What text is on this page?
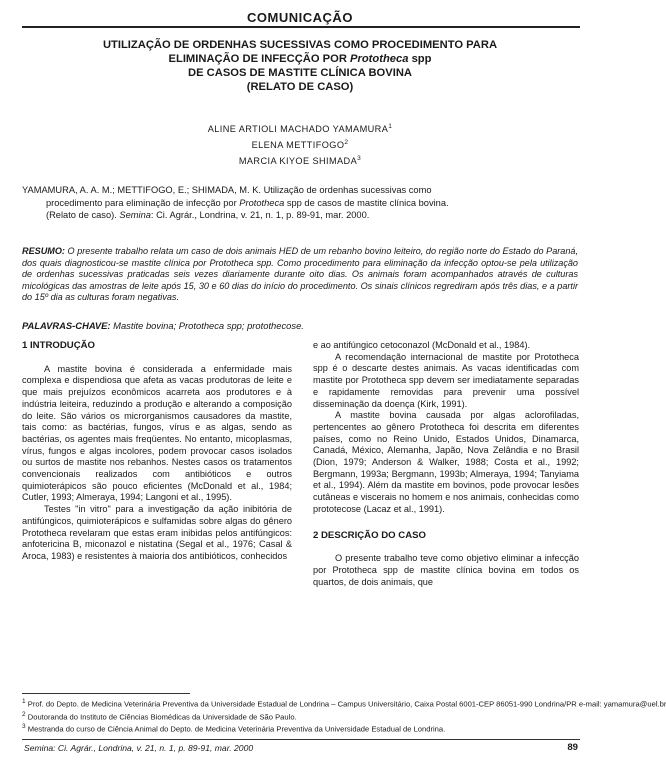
COMUNICAÇÃO
UTILIZAÇÃO DE ORDENHAS SUCESSIVAS COMO PROCEDIMENTO PARA
ELIMINAÇÃO DE INFECÇÃO POR Prototheca spp
DE CASOS DE MASTITE CLÍNICA BOVINA
(RELATO DE CASO)
ALINE ARTIOLI MACHADO YAMAMURA$^1$
ELENA METTIFOGO$^2$
MARCIA KIYOE SHIMADA$^3$
YAMAMURA, A. A. M.; METTIFOGO, E.; SHIMADA, M. K. Utilização de ordenhas sucessivas como
procedimento para eliminação de infecção por Prototheca spp de casos de mastite clínica bovina.
(Relato de caso). Semina: Ci. Agrár., Londrina, v. 21, n. 1, p. 89-91, mar. 2000.
RESUMO: O presente trabalho relata um caso de dois animais HED de um rebanho bovino leiteiro, do região norte do Estado do Paraná, dos quais diagnosticou-se mastite clínica por Prototheca spp. Como procedimento para eliminação da infecção optou-se pela utilização de ordenhas sucessivas praticadas seis vezes diariamente durante oito dias. Os animais foram acompanhados através de culturas micológicas das amostras de leite após 15, 30 e 60 dias do início do procedimento. Os sinais clínicos regrediram após três dias, e a partir do 15º dia as culturas foram negativas.
PALAVRAS-CHAVE: Mastite bovina; Prototheca spp; protothecose.

1 INTRODUÇÃO

A mastite bovina é considerada a enfermidade mais complexa e dispendiosa que afeta as vacas produtoras de leite e que mais prejuízos econômicos acarreta aos produtores e à indústria leiteira, reduzindo a produção e alterando a composição do leite. São vários os microrganismos causadores da mastite, tais como: as bactérias, fungos, vírus e as algas, sendo as bactérias, os agentes mais freqüentes. No entanto, micoplasmas, vírus, fungos e algas incolores, podem provocar casos isolados ou surtos de mastite nos rebanhos. Nestes casos os tratamentos convencionais realizados com antibióticos e outros quimioterápicos são pouco eficientes (McDonald et al., 1984; Cutler, 1993; Almeraya, 1994; Langoni et al., 1995).

Testes "in vitro" para a investigação da ação inibitória de antifúngicos, quimioterápicos e sulfamidas sobre algas do gênero Prototheca revelaram que estas eram inibidas pelos antifúngicos: anfotericina B, miconazol e nistatina (Segal et al., 1976; Casal & Aroca, 1983) e resistentes à maioria dos antibióticos, conhecidos

e ao antifúngico cetoconazol (McDonald et al., 1984).

A recomendação internacional de mastite por Prototheca spp é o descarte destes animais. As vacas identificadas com mastite por Prototheca spp devem ser imediatamente separadas e rapidamente removidas para prevenir uma possível disseminação da doença (Kirk, 1991).

A mastite bovina causada por algas aclorofiladas, pertencentes ao gênero Prototheca foi descrita em diferentes países, como no Reino Unido, Estados Unidos, Dinamarca, Canadá, México, Alemanha, Japão, Nova Zelândia e no Brasil (Dion, 1979; Anderson & Walker, 1988; Costa et al., 1992; Bergmann, 1993a; Bergmann, 1993b; Almeraya, 1994; Tanyiama et al., 1994). Além da mastite em bovinos, pode provocar lesões cutâneas e viscerais no homem e nos animais, conhecidas como prototecose (Lacaz et al., 1991).

2 DESCRIÇÃO DO CASO

O presente trabalho teve como objetivo eliminar a infecção por Prototheca spp de mastite clínica bovina em todos os quartos, de dois animais, que

$^1$ Prof. do Depto. de Medicina Veterinária Preventiva da Universidade Estadual de Londrina – Campus Universitário, Caixa Postal 6001-CEP 86051-990 Londrina/PR e-mail: yamamura@uel.br
$^2$ Doutoranda do Instituto de Ciências Biomédicas da Universidade de São Paulo.
$^3$ Mestranda do curso de Ciência Animal do Depto. de Medicina Veterinária Preventiva da Universidade Estadual de Londrina.
Semina: Ci. Agrár., Londrina, v. 21, n. 1, p. 89-91, mar. 2000	89
